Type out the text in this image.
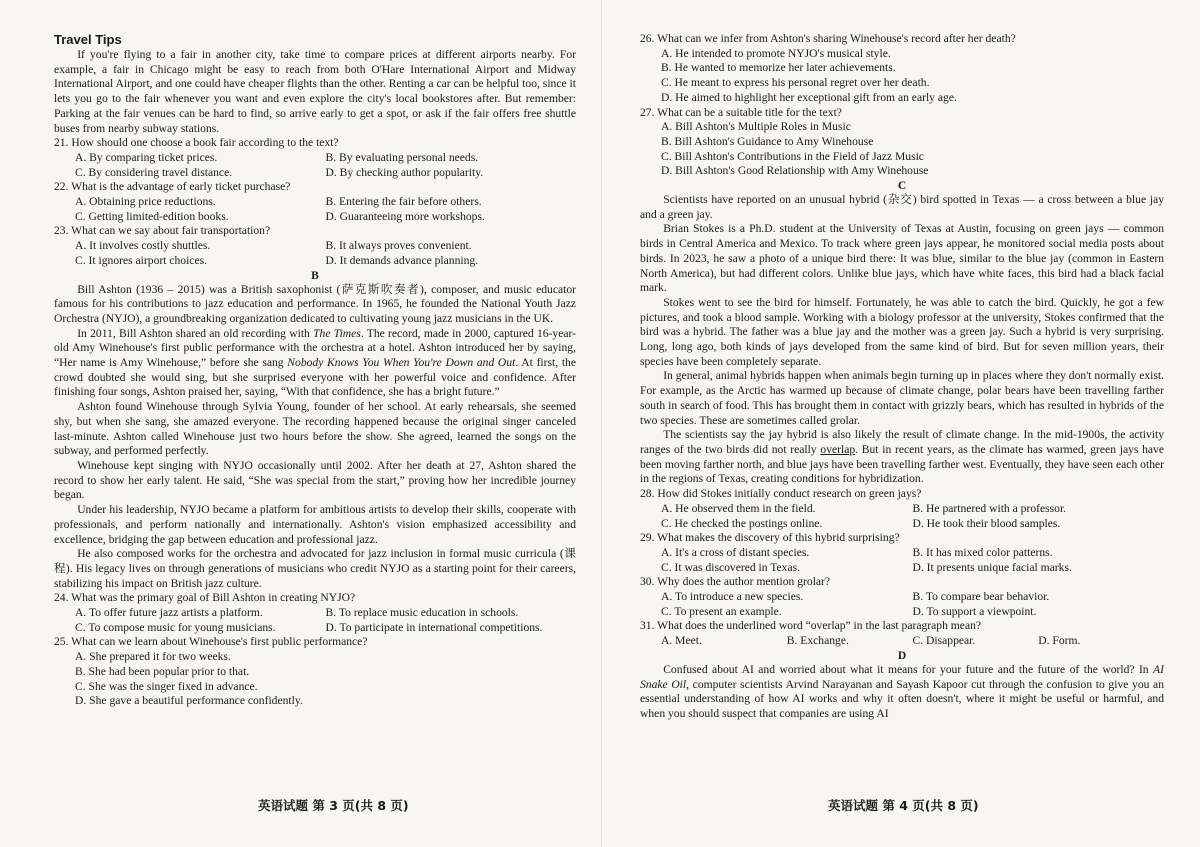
Travel Tips

If you're flying to a fair in another city, take time to compare prices at different airports nearby. For example, a fair in Chicago might be easy to reach from both O'Hare International Airport and Midway International Airport, and one could have cheaper flights than the other. Renting a car can be helpful too, since it lets you go to the fair whenever you want and even explore the city's local bookstores after. But remember: Parking at the fair venues can be hard to find, so arrive early to get a spot, or ask if the fair offers free shuttle buses from nearby subway stations.

21. How should one choose a book fair according to the text?
A. By comparing ticket prices.	B. By evaluating personal needs.
C. By considering travel distance.	D. By checking author popularity.
22. What is the advantage of early ticket purchase?
A. Obtaining price reductions.	B. Entering the fair before others.
C. Getting limited-edition books.	D. Guaranteeing more workshops.
23. What can we say about fair transportation?
A. It involves costly shuttles.	B. It always proves convenient.
C. It ignores airport choices.	D. It demands advance planning.
B

Bill Ashton (1936 – 2015) was a British saxophonist (萨克斯吹奏者), composer, and music educator famous for his contributions to jazz education and performance. In 1965, he founded the National Youth Jazz Orchestra (NYJO), a groundbreaking organization dedicated to cultivating young jazz musicians in the UK.

In 2011, Bill Ashton shared an old recording with The Times. The record, made in 2000, captured 16-year-old Amy Winehouse's first public performance with the orchestra at a hotel. Ashton introduced her by saying, “Her name is Amy Winehouse,” before she sang Nobody Knows You When You're Down and Out. At first, the crowd doubted she would sing, but she surprised everyone with her powerful voice and confidence. After finishing four songs, Ashton praised her, saying, “With that confidence, she has a bright future.”

Ashton found Winehouse through Sylvia Young, founder of her school. At early rehearsals, she seemed shy, but when she sang, she amazed everyone. The recording happened because the original singer canceled last-minute. Ashton called Winehouse just two hours before the show. She agreed, learned the songs on the subway, and performed perfectly.

Winehouse kept singing with NYJO occasionally until 2002. After her death at 27, Ashton shared the record to show her early talent. He said, “She was special from the start,” proving how her incredible journey began.

Under his leadership, NYJO became a platform for ambitious artists to develop their skills, cooperate with professionals, and perform nationally and internationally. Ashton's vision emphasized accessibility and excellence, bridging the gap between education and professional jazz.

He also composed works for the orchestra and advocated for jazz inclusion in formal music curricula (课程). His legacy lives on through generations of musicians who credit NYJO as a starting point for their careers, stabilizing his impact on British jazz culture.

24. What was the primary goal of Bill Ashton in creating NYJO?
A. To offer future jazz artists a platform.	B. To replace music education in schools.
C. To compose music for young musicians.	D. To participate in international competitions.
25. What can we learn about Winehouse's first public performance?
A. She prepared it for two weeks.
B. She had been popular prior to that.
C. She was the singer fixed in advance.
D. She gave a beautiful performance confidently.
26. What can we infer from Ashton's sharing Winehouse's record after her death?
A. He intended to promote NYJO's musical style.
B. He wanted to memorize her later achievements.
C. He meant to express his personal regret over her death.
D. He aimed to highlight her exceptional gift from an early age.
27. What can be a suitable title for the text?
A. Bill Ashton's Multiple Roles in Music
B. Bill Ashton's Guidance to Amy Winehouse
C. Bill Ashton's Contributions in the Field of Jazz Music
D. Bill Ashton's Good Relationship with Amy Winehouse
C

Scientists have reported on an unusual hybrid (杂交) bird spotted in Texas — a cross between a blue jay and a green jay.

Brian Stokes is a Ph.D. student at the University of Texas at Austin, focusing on green jays — common birds in Central America and Mexico. To track where green jays appear, he monitored social media posts about birds. In 2023, he saw a photo of a unique bird there: It was blue, similar to the blue jay (common in Eastern North America), but had different colors. Unlike blue jays, which have white faces, this bird had a black facial mark.

Stokes went to see the bird for himself. Fortunately, he was able to catch the bird. Quickly, he got a few pictures, and took a blood sample. Working with a biology professor at the university, Stokes confirmed that the bird was a hybrid. The father was a blue jay and the mother was a green jay. Such a hybrid is very surprising. Long, long ago, both kinds of jays developed from the same kind of bird. But for seven million years, their species have been completely separate.

In general, animal hybrids happen when animals begin turning up in places where they don't normally exist. For example, as the Arctic has warmed up because of climate change, polar bears have been travelling farther south in search of food. This has brought them in contact with grizzly bears, which has resulted in hybrids of the two species. These are sometimes called grolar.

The scientists say the jay hybrid is also likely the result of climate change. In the mid-1900s, the activity ranges of the two birds did not really overlap. But in recent years, as the climate has warmed, green jays have been moving farther north, and blue jays have been travelling farther west. Eventually, they have seen each other in the regions of Texas, creating conditions for hybridization.

28. How did Stokes initially conduct research on green jays?
A. He observed them in the field.	B. He partnered with a professor.
C. He checked the postings online.	D. He took their blood samples.
29. What makes the discovery of this hybrid surprising?
A. It's a cross of distant species.	B. It has mixed color patterns.
C. It was discovered in Texas.	D. It presents unique facial marks.
30. Why does the author mention grolar?
A. To introduce a new species.	B. To compare bear behavior.
C. To present an example.	D. To support a viewpoint.
31. What does the underlined word “overlap” in the last paragraph mean?
A. Meet.	B. Exchange.	C. Disappear.	D. Form.
D

Confused about AI and worried about what it means for your future and the future of the world? In AI Snake Oil, computer scientists Arvind Narayanan and Sayash Kapoor cut through the confusion to give you an essential understanding of how AI works and why it often doesn't, where it might be useful or harmful, and when you should suspect that companies are using AI

英语试题 第 3 页(共 8 页)	英语试题 第 4 页(共 8 页)
